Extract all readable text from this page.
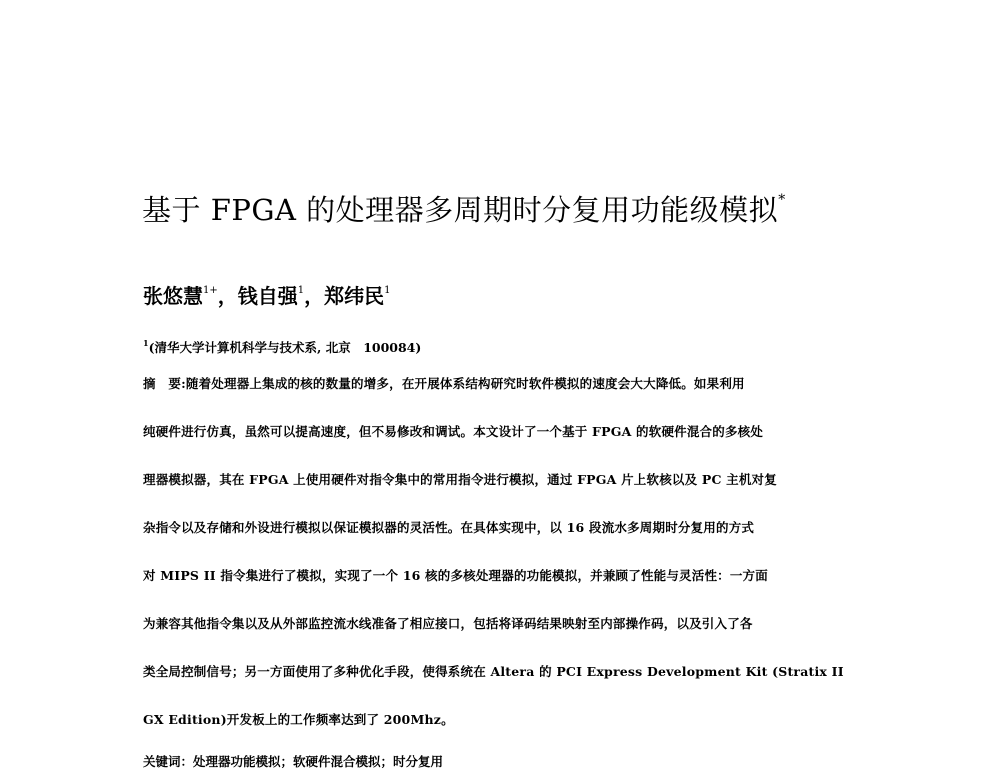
基于 FPGA 的处理器多周期时分复用功能级模拟*
张悠慧$^{1+}$，钱自强$^1$，郑纬民$^1$
$^1$(清华大学计算机科学与技术系, 北京　100084)
摘　要:随着处理器上集成的核的数量的增多，在开展体系结构研究时软件模拟的速度会大大降低。如果利用
纯硬件进行仿真，虽然可以提高速度，但不易修改和调试。本文设计了一个基于 FPGA 的软硬件混合的多核处
理器模拟器，其在 FPGA 上使用硬件对指令集中的常用指令进行模拟，通过 FPGA 片上软核以及 PC 主机对复
杂指令以及存储和外设进行模拟以保证模拟器的灵活性。在具体实现中，以 16 段流水多周期时分复用的方式
对 MIPS II 指令集进行了模拟，实现了一个 16 核的多核处理器的功能模拟，并兼顾了性能与灵活性：一方面
为兼容其他指令集以及从外部监控流水线准备了相应接口，包括将译码结果映射至内部操作码，以及引入了各
类全局控制信号；另一方面使用了多种优化手段，使得系统在 Altera 的 PCI Express Development Kit (Stratix II
GX Edition)开发板上的工作频率达到了 200Mhz。
关键词：处理器功能模拟；软硬件混合模拟；时分复用
